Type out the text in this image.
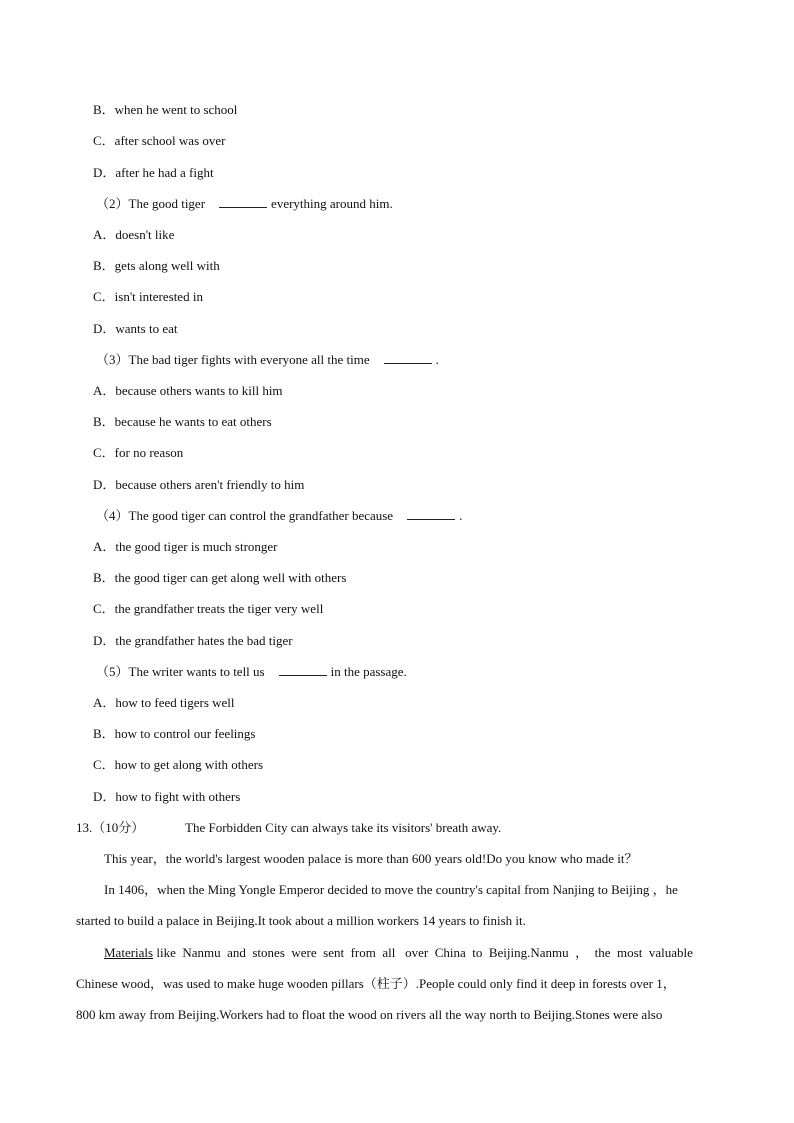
B．when he went to school
C．after school was over
D．after he had a fight
（2）The good tiger	everything around him.
A．doesn't like
B．gets along well with
C．isn't interested in
D．wants to eat
（3）The bad tiger fights with everyone all the time	.
A．because others wants to kill him
B．because he wants to eat others
C．for no reason
D．because others aren't friendly to him
（4）The good tiger can control the grandfather because	.
A．the good tiger is much stronger
B．the good tiger can get along well with others
C．the grandfather treats the tiger very well
D．the grandfather hates the bad tiger
（5）The writer wants to tell us	in the passage.
A．how to feed tigers well
B．how to control our feelings
C．how to get along with others
D．how to fight with others
13.（10分）	The Forbidden City can always take its visitors' breath away.
This year，the world's largest wooden palace is more than 600 years old!Do you know who made it？
In 1406，when the Ming Yongle Emperor decided to move the country's capital from Nanjing to Beijing ，he
started to build a palace in Beijing.It took about a million workers 14 years to finish it.
Materials like  Nanmu  and  stones  were  sent  from  all   over  China  to  Beijing.Nanmu  ，  the  most  valuable
Chinese wood，was used to make huge wooden pillars（柱子）.People could only find it deep in forests over 1，
800 km away from Beijing.Workers had to float the wood on rivers all the way north to Beijing.Stones were also
